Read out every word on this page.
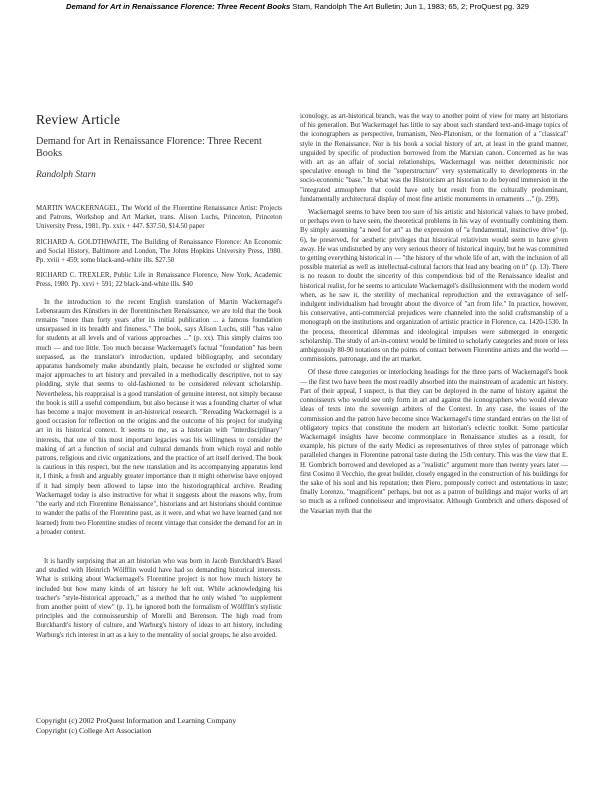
Demand for Art in Renaissance Florence: Three Recent Books Stam, Randolph The Art Bulletin; Jun 1, 1983; 65, 2; ProQuest pg. 329
Review Article
Demand for Art in Renaissance Florence: Three Recent Books
Randolph Starn
MARTIN WACKERNAGEL, The World of the Florentine Renaissance Artist: Projects and Patrons, Workshop and Art Market, trans. Alison Luchs, Princeton, Princeton University Press, 1981. Pp. xxix + 447. $37.50, $14.50 paper
RICHARD A. GOLDTHWAITE, The Building of Renaissance Florence: An Economic and Social History, Baltimore and London, The Johns Hopkins University Press, 1980. Pp. xviii + 459; some black-and-white ills. $27.50
RICHARD C. TREXLER, Public Life in Renaissance Florence, New York, Academic Press, 1980. Pp. xxvi + 591; 22 black-and-white ills. $40

In the introduction to the recent English translation of Martin Wackernagel's Lebensraum des Künstlers in der florentinischen Renaissance, we are told that the book remains "more than forty years after its initial publication ... a famous foundation unsurpassed in its breadth and fineness." The book, says Alison Luchs, still "has value for students at all levels and of various approaches ..." (p. xx). This simply claims too much — and too little. Too much because Wackernagel's factual "foundation" has been surpassed, as the translator's introduction, updated bibliography, and secondary apparatus handsomely make abundantly plain, because he excluded or slighted some major approaches to art history and prevailed in a methodically descriptive, not to say plodding, style that seems to old-fashioned to be considered relevant scholarship. Nevertheless, his reappraisal is a good translation of genuine interest, not simply because the book is still a useful compendium, but also because it was a founding charter of what has become a major movement in art-historical research. "Rereading Wackernagel is a good occasion for reflection on the origins and the outcome of his project for studying art in its historical context. It seems to me, as a historian with "interdisciplinary" interests, that one of his most important legacies was his willingness to consider the making of art a function of social and cultural demands from which royal and noble patrons, religious and civic organizations, and the practice of art itself derived. The book is cautious in this respect, but the new translation and its accompanying apparatus lend it, I think, a fresh and arguably greater importance than it might otherwise have enjoyed if it had simply been allowed to lapse into the historiographical archive. Reading Wackernagel today is also instructive for what it suggests about the reasons why, from "the early and rich Florentine Renaissance", historians and art historians should continue to wander the paths of the Florentine past, as it were, and what we have learned (and not learned) from two Florentine studies of recent vintage that consider the demand for art in a broader context.

It is hardly surprising that an art historian who was born in Jacob Burckhardt's Basel and studied with Heinrich Wölfflin would have had so demanding historical interests. What is striking about Wackernagel's Florentine project is not how much history he included but how many kinds of art history he left out. While acknowledging his teacher's "style-historical approach," as a method that he only wished "to supplement from another point of view" (p. 1), he ignored both the formalism of Wölfflin's stylistic principles and the connoisseurship of Morelli and Berenson. The high road from Burckhardt's history of culture, and Warburg's history of ideas to art history, including Warburg's rich interest in art as a key to the mentality of social groups, he also avoided.

iconology, as art-historical branch, was the way to another point of view for many art historians of his generation. But Wackernagel has little to say about such standard text-and-image topics of the iconographers as perspective, humanism, Neo-Platonism, or the formation of a "classical" style in the Renaissance. Nor is his book a social history of art, at least in the grand manner, unguided by specific of production borrowed from the Marxian canon. Concerned as he was with art as an affair of social relationships, Wackernagel was neither deterministic nor speculative enough to bind the "superstructure" very systematically to developments in the socio-economic "base." In what was the Historicism art historian to do beyond immersion in the "integrated atmosphere that could have only but result from the culturally predominant, fundamentally architectural display of most fine artistic monuments in ornaments ..." (p. 299).

Wackernagel seems to have been too sure of his artistic and historical values to have probed, or perhaps even to have seen, the theoretical problems in his way of eventually combining them. By simply assuming "a need for art" as the expression of "a fundamental, instinctive drive" (p. 6), he preserved, for aesthetic privileges that historical relativism would seem to have given away. He was undisturbed by any very serious theory of historical inquiry, but he was committed to getting everything historical in — "the history of the whole life of art, with the inclusion of all possible material as well as intellectual-cultural factors that lead any bearing on it" (p. 13). There is no reason to doubt the sincerity of this compendious bid of the Renaissance idealist and historical realist, for he seems to articulate Wackernagel's disillusionment with the modern world when, as he saw it, the sterility of mechanical reproduction and the extravagance of self-indulgent individualism had brought about the divorce of "art from life." In practice, however, his conservative, anti-commercial prejudices were channeled into the solid craftsmanship of a monograph on the institutions and organization of artistic practice in Florence, ca. 1420-1530. In the process, theoretical dilemmas and ideological impulses were submerged in energetic scholarship. The study of art-in-context would be limited to scholarly categories and more or less ambiguously 80-90 notations on the points of contact between Florentine artists and the world — commissions, patronage, and the art market.

Of these three categories or interlocking headings for the three parts of Wackernagel's book — the first two have been the most readily absorbed into the mainstream of academic art history. Part of their appeal, I suspect, is that they can be deployed in the name of history against the connoisseurs who would see only form in art and against the iconographers who would elevate ideas of texts into the sovereign arbiters of the Context. In any case, the issues of the commission and the patron have become since Wackernagel's time standard entries on the list of obligatory topics that constitute the modern art historian's eclectic toolkit. Some particular Wackernagel insights have become commonplace in Renaissance studies as a result, for example, his picture of the early Medici as representatives of three styles of patronage which paralleled changes in Florentine patronal taste during the 15th century. This was the view that E. H. Gombrich borrowed and developed as a "realistic" argument more than twenty years later — first Cosimo il Vecchio, the great builder, closely engaged in the construction of his buildings for the sake of his soul and his reputation; then Piero, pompously correct and ostentatious in taste; finally Lorenzo, "magnificent" perhaps, but not as a patron of buildings and major works of art so much as a refined connoisseur and improvisator. Although Gombrich and others disposed of the Vasarian myth that the

Copyright (c) 2002 ProQuest Information and Learning Company
Copyright (c) College Art Association
